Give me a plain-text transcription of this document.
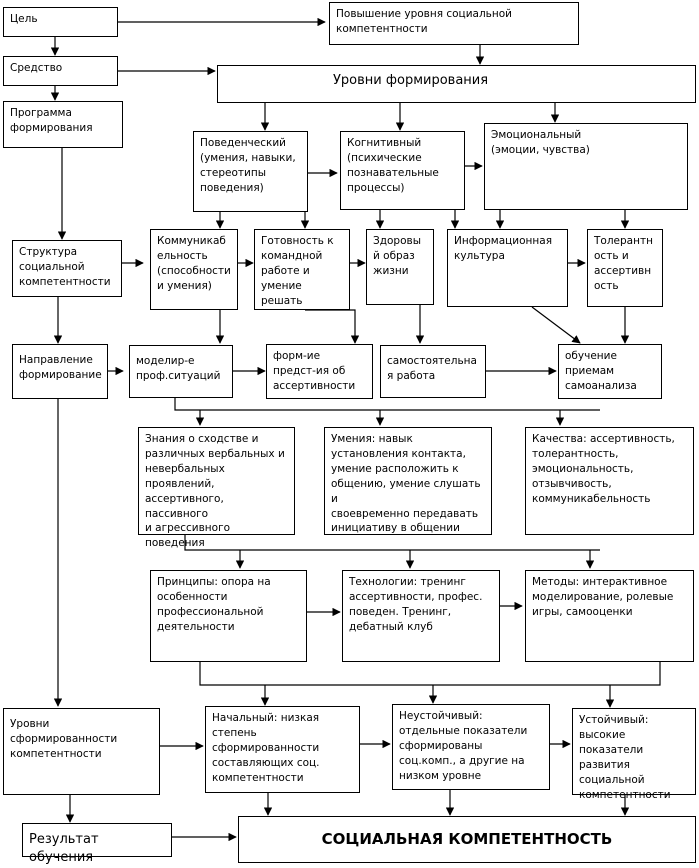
Цель	Повышение уровня социальной
компетентности
Средство
Уровни формирования
Программа
формирования
Поведенческий
(умения, навыки,
стереотипы
поведения)
Когнитивный
(психические
познавательные
процессы)
Эмоциональный
(эмоции, чувства)
Структура
социальной
компетентности
Коммуникаб
ельность
(способности
и умения)
Готовность к
командной
работе и
умение
решать
Здоровы
й образ
жизни
Информационная
культура
Толерантн
ость и
ассертивн
ость
Направление
формирование
моделир-е
проф.ситуаций
форм-ие
предст-ия об
ассертивности
самостоятельна
я работа
обучение
приемам
самоанализа
Знания о сходстве и
различных вербальных и
невербальных
проявлений,
ассертивного, пассивного
и агрессивного поведения
Умения: навык
установления контакта,
умение расположить к
общению, умение слушать и
своевременно передавать
инициативу в общении
Качества: ассертивность,
толерантность,
эмоциональность,
отзывчивость,
коммуникабельность
Принципы: опора на
особенности
профессиональной
деятельности
Технологии: тренинг
ассертивности, профес.
поведен. Тренинг,
дебатный клуб
Методы: интерактивное
моделирование, ролевые
игры, самооценки
Уровни
сформированности
компетентности
Начальный: низкая
степень
сформированности
составляющих соц.
компетентности
Неустойчивый:
отдельные показатели
сформированы
соц.комп., а другие на
низком уровне
Устойчивый:
высокие показатели
развития
социальной
компетентности
Результат обучения
СОЦИАЛЬНАЯ КОМПЕТЕНТНОСТЬ
